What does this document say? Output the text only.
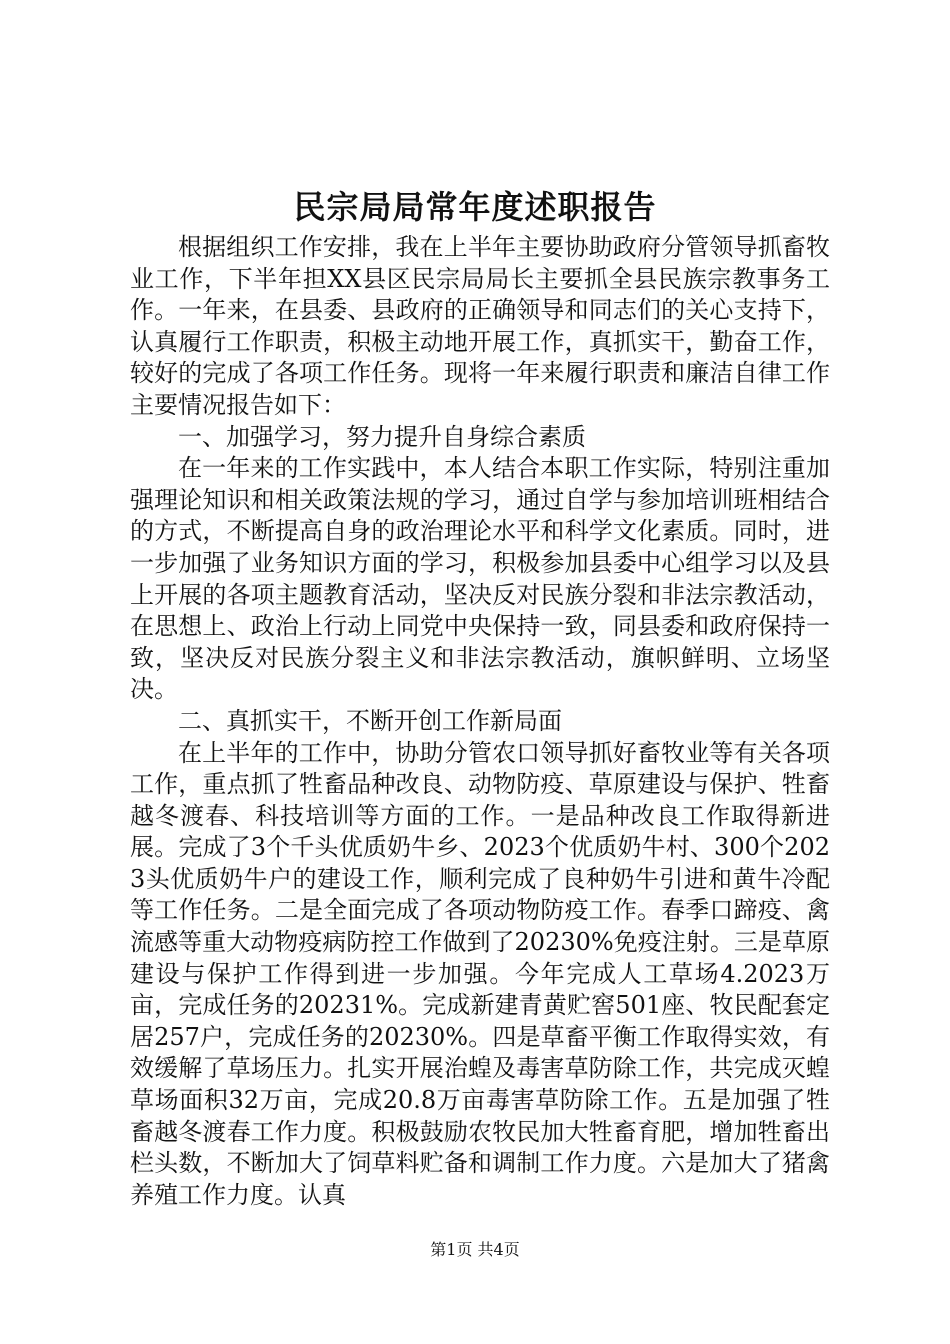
民宗局局常年度述职报告

根据组织工作安排，我在上半年主要协助政府分管领导抓畜牧业工作，下半年担XX县区民宗局局长主要抓全县民族宗教事务工作。一年来，在县委、县政府的正确领导和同志们的关心支持下，认真履行工作职责，积极主动地开展工作，真抓实干，勤奋工作，较好的完成了各项工作任务。现将一年来履行职责和廉洁自律工作主要情况报告如下：

一、加强学习，努力提升自身综合素质

在一年来的工作实践中，本人结合本职工作实际，特别注重加强理论知识和相关政策法规的学习，通过自学与参加培训班相结合的方式，不断提高自身的政治理论水平和科学文化素质。同时，进一步加强了业务知识方面的学习，积极参加县委中心组学习以及县上开展的各项主题教育活动，坚决反对民族分裂和非法宗教活动，在思想上、政治上行动上同党中央保持一致，同县委和政府保持一致，坚决反对民族分裂主义和非法宗教活动，旗帜鲜明、立场坚决。

二、真抓实干，不断开创工作新局面

在上半年的工作中，协助分管农口领导抓好畜牧业等有关各项工作，重点抓了牲畜品种改良、动物防疫、草原建设与保护、牲畜越冬渡春、科技培训等方面的工作。一是品种改良工作取得新进展。完成了3个千头优质奶牛乡、2023个优质奶牛村、300个2023头优质奶牛户的建设工作，顺利完成了良种奶牛引进和黄牛冷配等工作任务。二是全面完成了各项动物防疫工作。春季口蹄疫、禽流感等重大动物疫病防控工作做到了20230%免疫注射。三是草原建设与保护工作得到进一步加强。今年完成人工草场4.2023万亩，完成任务的20231%。完成新建青黄贮窖501座、牧民配套定居257户，完成任务的20230%。四是草畜平衡工作取得实效，有效缓解了草场压力。扎实开展治蝗及毒害草防除工作，共完成灭蝗草场面积32万亩，完成20.8万亩毒害草防除工作。五是加强了牲畜越冬渡春工作力度。积极鼓励农牧民加大牲畜育肥，增加牲畜出栏头数，不断加大了饲草料贮备和调制工作力度。六是加大了猪禽养殖工作力度。认真

第1页 共4页
